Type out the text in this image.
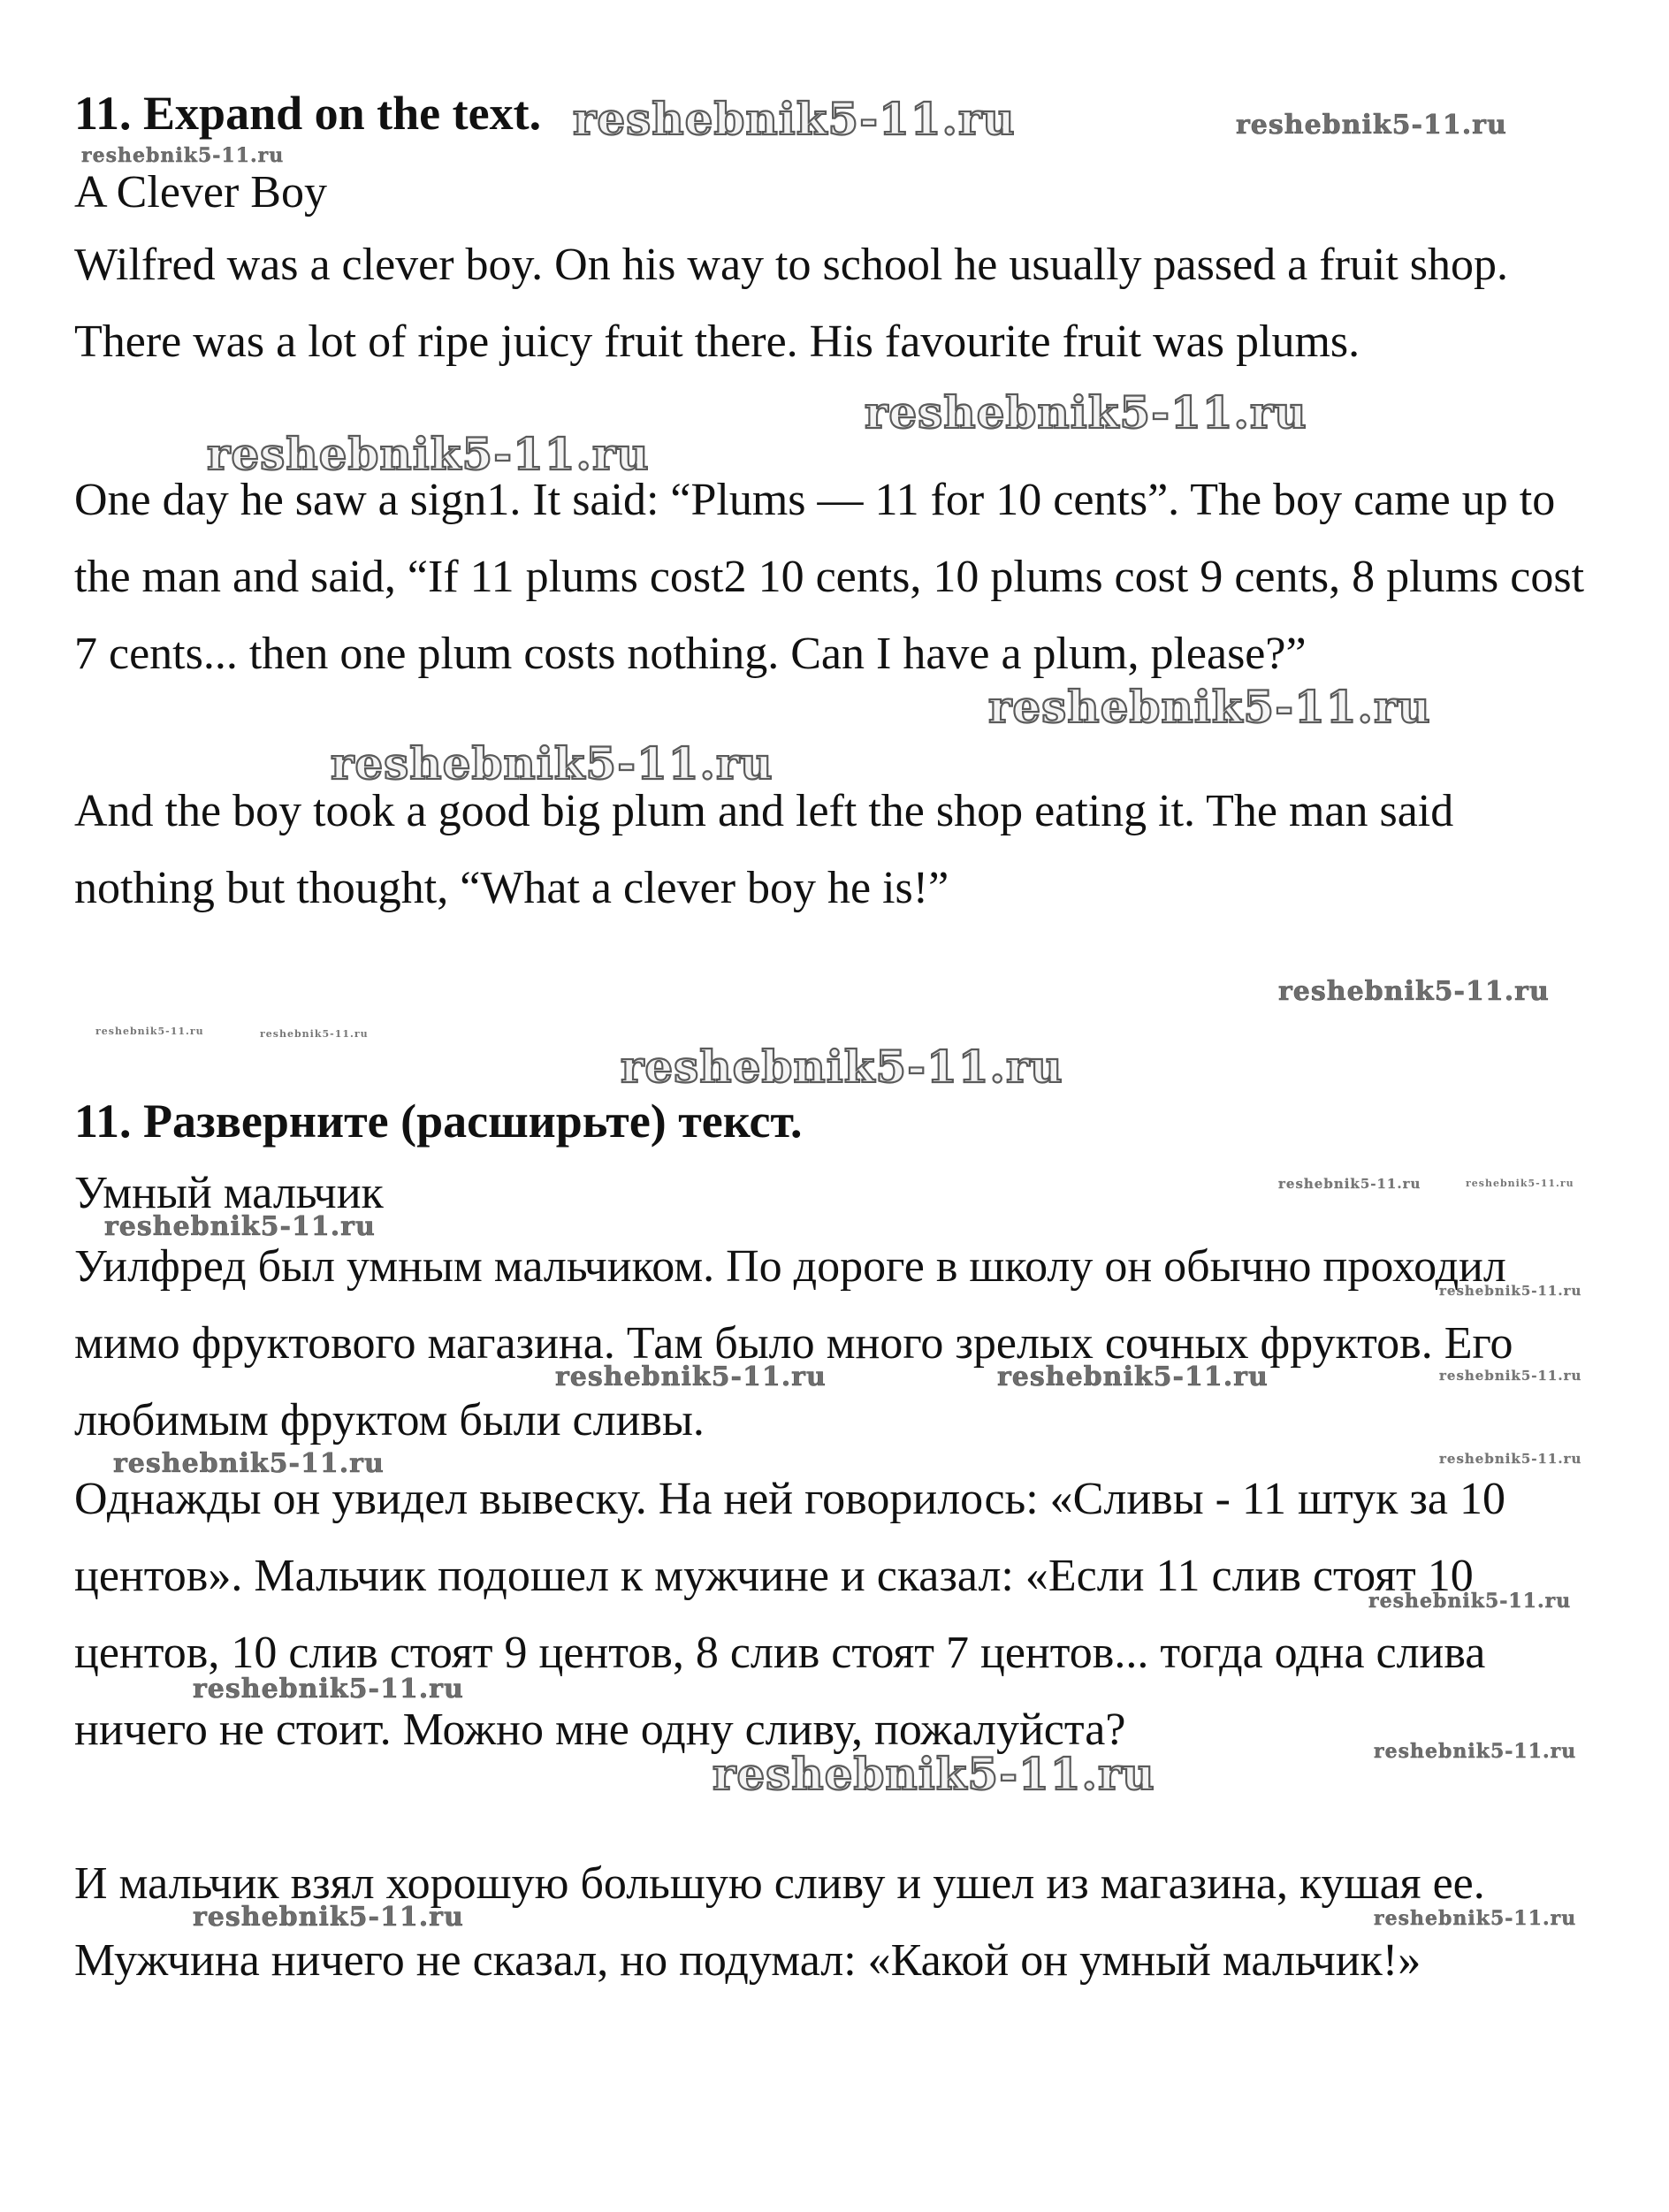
11. Expand on the text.

A Clever Boy

Wilfred was a clever boy. On his way to school he usually passed a fruit shop. There was a lot of ripe juicy fruit there. His favourite fruit was plums.

One day he saw a sign1. It said: “Plums — 11 for 10 cents”. The boy came up to the man and said, “If 11 plums cost2 10 cents, 10 plums cost 9 cents, 8 plums cost 7 cents... then one plum costs nothing. Can I have a plum, please?”

And the boy took a good big plum and left the shop eating it. The man said nothing but thought, “What a clever boy he is!”

11. Разверните (расширьте) текст.

Умный мальчик

Уилфред был умным мальчиком. По дороге в школу он обычно проходил мимо фруктового магазина. Там было много зрелых сочных фруктов. Его любимым фруктом были сливы.

Однажды он увидел вывеску. На ней говорилось: «Сливы - 11 штук за 10 центов». Мальчик подошел к мужчине и сказал: «Если 11 слив стоят 10 центов, 10 слив стоят 9 центов, 8 слив стоят 7 центов... тогда одна слива ничего не стоит. Можно мне одну сливу, пожалуйста?

И мальчик взял хорошую большую сливу и ушел из магазина, кушая ее. Мужчина ничего не сказал, но подумал: «Какой он умный мальчик!»

reshebnik5-11.ru	reshebnik5-11.ru
reshebnik5-11.ru
reshebnik5-11.ru
reshebnik5-11.ru
reshebnik5-11.ru
reshebnik5-11.ru
reshebnik5-11.ru
reshebnik5-11.ru	reshebnik5-11.ru
reshebnik5-11.ru
reshebnik5-11.ru	reshebnik5-11.ru
reshebnik5-11.ru
reshebnik5-11.ru
reshebnik5-11.ru	reshebnik5-11.ru	reshebnik5-11.ru
reshebnik5-11.ru	reshebnik5-11.ru
reshebnik5-11.ru
reshebnik5-11.ru
reshebnik5-11.ru
reshebnik5-11.ru
reshebnik5-11.ru	reshebnik5-11.ru
